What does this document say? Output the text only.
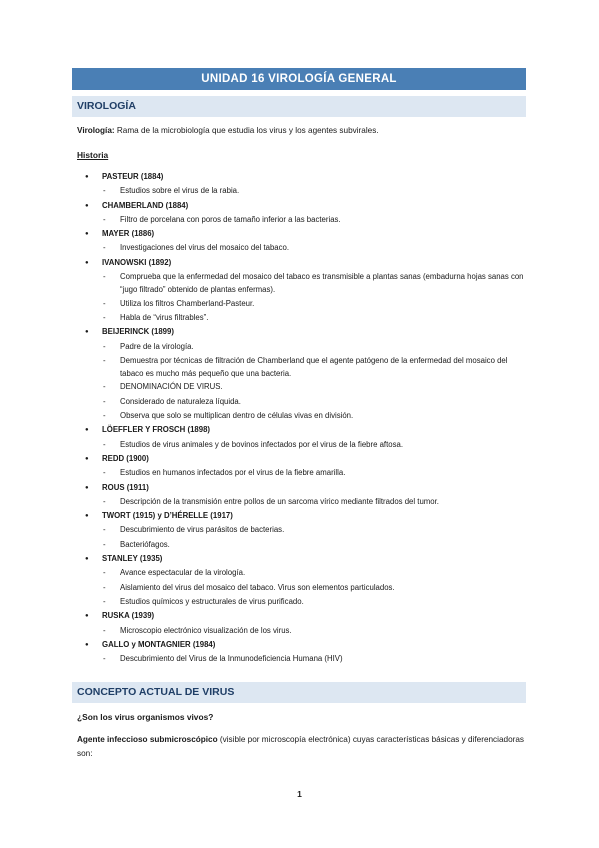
UNIDAD 16 VIROLOGÍA GENERAL
VIROLOGÍA
Virología: Rama de la microbiología que estudia los virus y los agentes subvirales.
Historia
● PASTEUR (1884)
- Estudios sobre el virus de la rabia.
● CHAMBERLAND (1884)
- Filtro de porcelana con poros de tamaño inferior a las bacterias.
● MAYER (1886)
- Investigaciones del virus del mosaico del tabaco.
● IVANOWSKI (1892)
- Comprueba que la enfermedad del mosaico del tabaco es transmisible a plantas sanas (embadurna hojas sanas con “jugo filtrado” obtenido de plantas enfermas).
- Utiliza los filtros Chamberland-Pasteur.
- Habla de “virus filtrables”.
● BEIJERINCK (1899)
- Padre de la virología.
- Demuestra por técnicas de filtración de Chamberland que el agente patógeno de la enfermedad del mosaico del tabaco es mucho más pequeño que una bacteria.
- DENOMINACIÓN DE VIRUS.
- Considerado de naturaleza líquida.
- Observa que solo se multiplican dentro de células vivas en división.
● LÖEFFLER Y FROSCH (1898)
- Estudios de virus animales y de bovinos infectados por el virus de la fiebre aftosa.
● REDD (1900)
- Estudios en humanos infectados por el virus de la fiebre amarilla.
● ROUS (1911)
- Descripción de la transmisión entre pollos de un sarcoma vírico mediante filtrados del tumor.
● TWORT (1915) y D’HÉRELLE (1917)
- Descubrimiento de virus parásitos de bacterias.
- Bacteriófagos.
● STANLEY (1935)
- Avance espectacular de la virología.
- Aislamiento del virus del mosaico del tabaco. Virus son elementos particulados.
- Estudios químicos y estructurales de virus purificado.
● RUSKA (1939)
- Microscopio electrónico visualización de los virus.
● GALLO y MONTAGNIER (1984)
- Descubrimiento del Virus de la Inmunodeficiencia Humana (HIV)
CONCEPTO ACTUAL DE VIRUS
¿Son los virus organismos vivos?
Agente infeccioso submicroscópico (visible por microscopía electrónica) cuyas características básicas y diferenciadoras son:
1
